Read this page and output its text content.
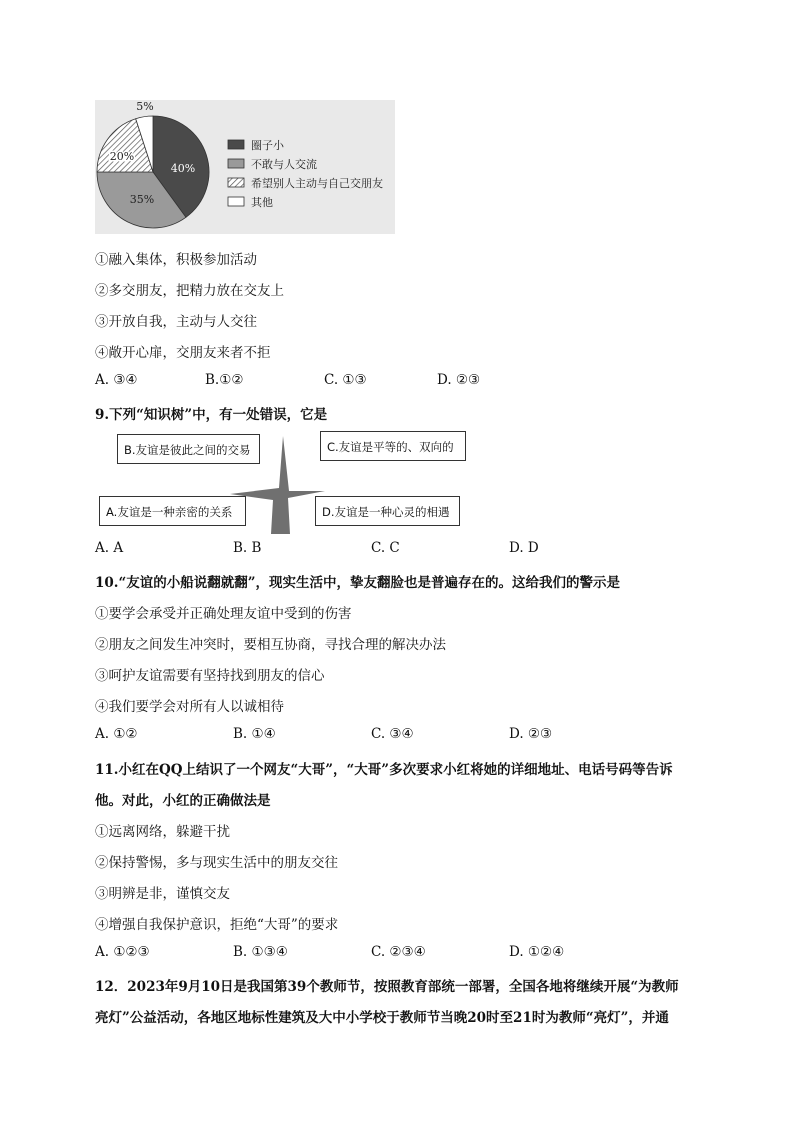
40%
35%
20%
5%
圈子小
不敢与人交流
希望别人主动与自己交朋友
其他
①融入集体，积极参加活动
②多交朋友，把精力放在交友上
③开放自我，主动与人交往
④敞开心扉，交朋友来者不拒
A. ③④	B.①②	C. ①③	D. ②③
9.下列“知识树”中，有一处错误，它是
B.友谊是彼此之间的交易	C.友谊是平等的、双向的
A.友谊是一种亲密的关系	D.友谊是一种心灵的相遇
A. A	B. B	C. C	D. D
10.“友谊的小船说翻就翻”，现实生活中，挚友翻脸也是普遍存在的。这给我们的警示是
①要学会承受并正确处理友谊中受到的伤害
②朋友之间发生冲突时，要相互协商，寻找合理的解决办法
③呵护友谊需要有坚持找到朋友的信心
④我们要学会对所有人以诚相待
A. ①②	B. ①④	C. ③④	D. ②③
11.小红在QQ上结识了一个网友“大哥”，“大哥”多次要求小红将她的详细地址、电话号码等告诉
他。对此，小红的正确做法是
①远离网络，躲避干扰
②保持警惕，多与现实生活中的朋友交往
③明辨是非，谨慎交友
④增强自我保护意识，拒绝“大哥”的要求
A. ①②③	B. ①③④	C. ②③④	D. ①②④
12．2023年9月10日是我国第39个教师节，按照教育部统一部署，全国各地将继续开展“为教师
亮灯”公益活动，各地区地标性建筑及大中小学校于教师节当晚20时至21时为教师“亮灯”，并通
